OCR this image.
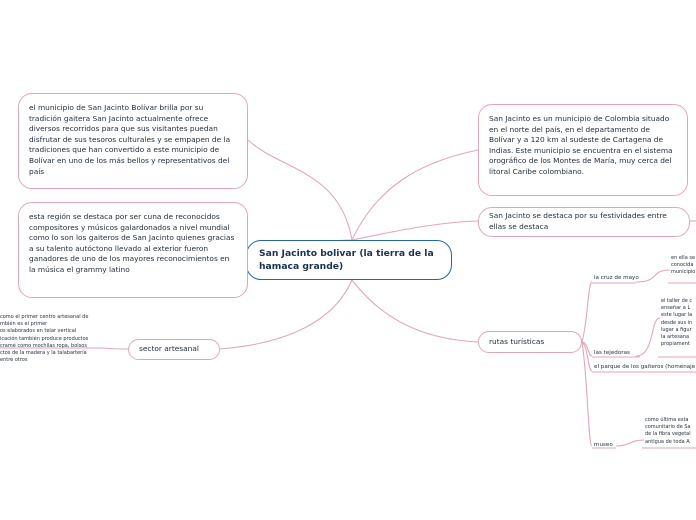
San Jacinto bolivar (la tierra de la hamaca grande)
el municipio de San Jacinto Bolívar brilla por su tradición gaitera San Jacinto actualmente ofrece diversos recorridos para que sus visitantes puedan disfrutar de sus tesoros culturales y se empapen de la tradiciones que han convertido a este municipio de Bolívar en uno de los más bellos y representativos del país
esta región se destaca por ser cuna de reconocidos compositores y músicos galardonados a nivel mundial como lo son los gaiteros de San Jacinto quienes gracias a su talento autóctono llevado al exterior fueron ganadores de uno de los mayores reconocimientos en la música el grammy latino
sector artesanal
como el primer centro artesanal de
mbién es el primer
os elaborados en telar vertical
icación también produce productos
cramé como mochilas ropa, bolsos
ctos de la madera y la talabartería
entre otros
San Jacinto es un municipio de Colombia situado en el norte del país, en el departamento de Bolívar y a 120 km al sudeste de Cartagena de Indias. Este municipio se encuentra en el sistema orográfico de los Montes de María, muy cerca del litoral Caribe colombiano.
San Jacinto se destaca por su festividades entre ellas se destaca
rutas turísticas
la cruz de mayo
en ella se
conocida
municipio
las tejedoras
el taller de c
enseñar a L
este lugar la
desde sus in
lugar a figur
la artesana
propiament
el parque de los gaiteros (homenaje
museo
como última esta
comunitario de Sa
de la fibra vegetal
antigua de toda A
